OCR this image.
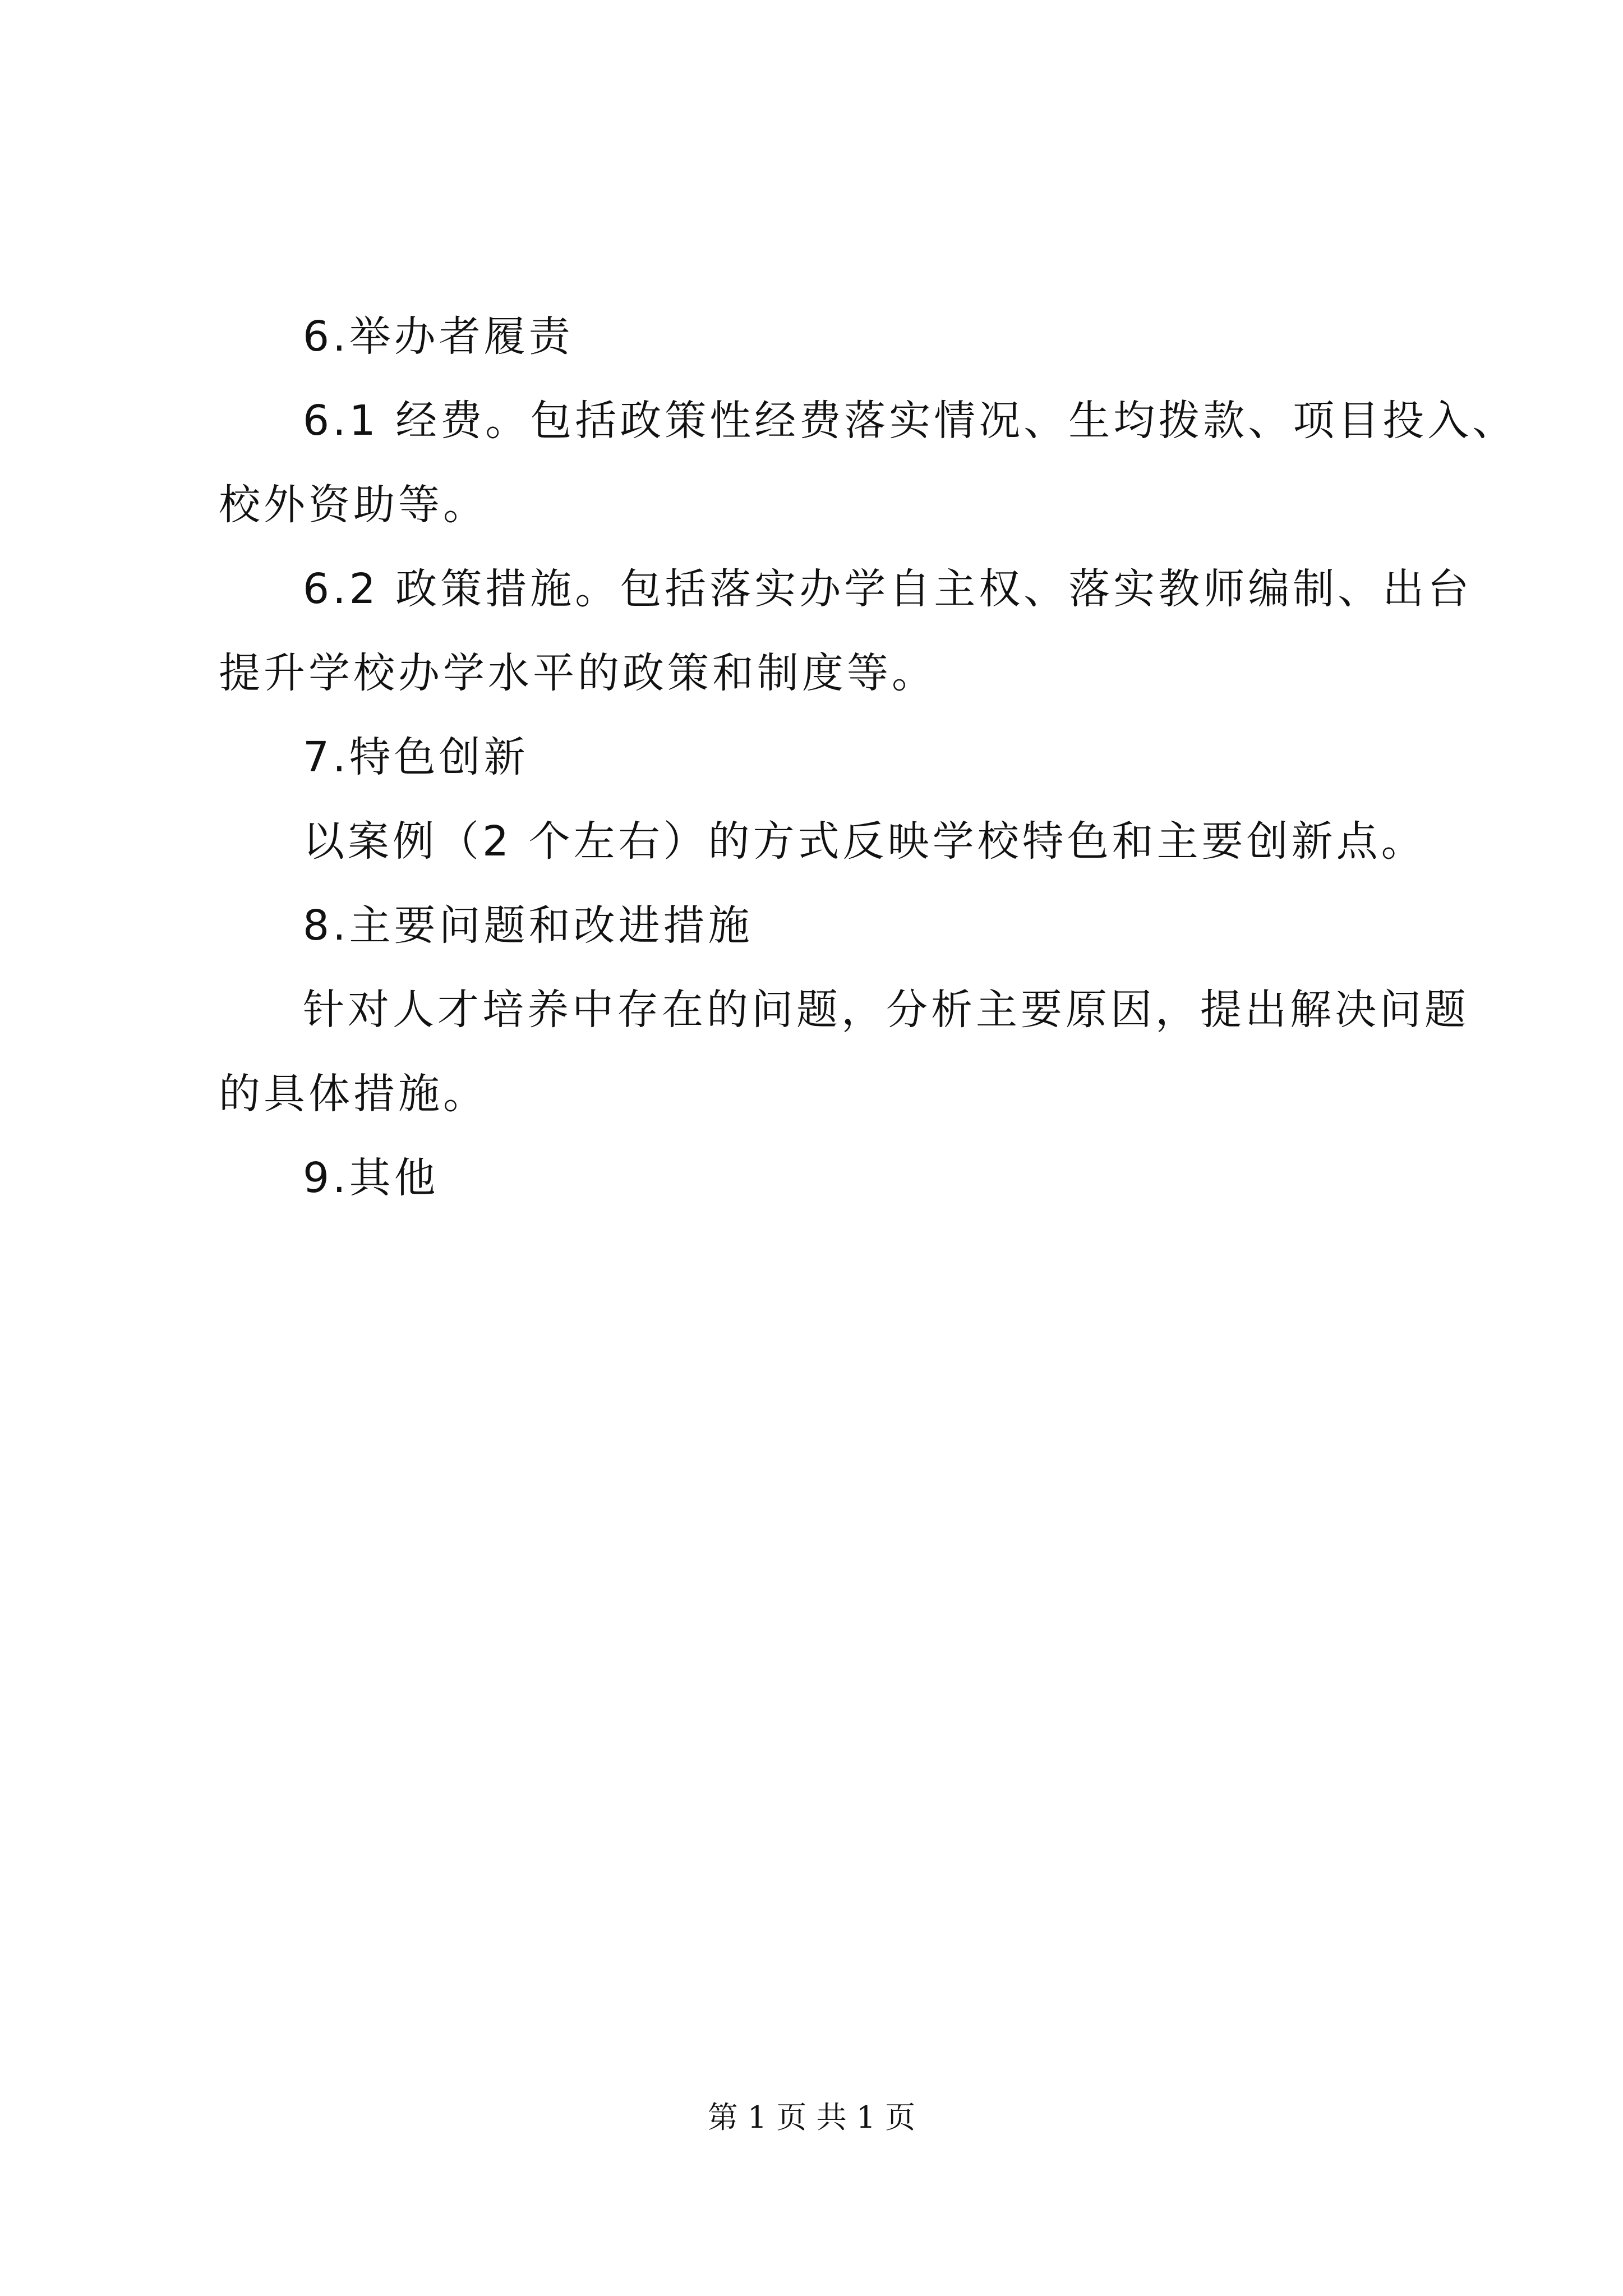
6.举办者履责
6.1 经费。包括政策性经费落实情况、生均拨款、项目投入、
校外资助等。
6.2 政策措施。包括落实办学自主权、落实教师编制、出台
提升学校办学水平的政策和制度等。
7.特色创新
以案例（2 个左右）的方式反映学校特色和主要创新点。
8.主要问题和改进措施
针对人才培养中存在的问题，分析主要原因，提出解决问题
的具体措施。
9.其他
第 1 页 共 1 页
